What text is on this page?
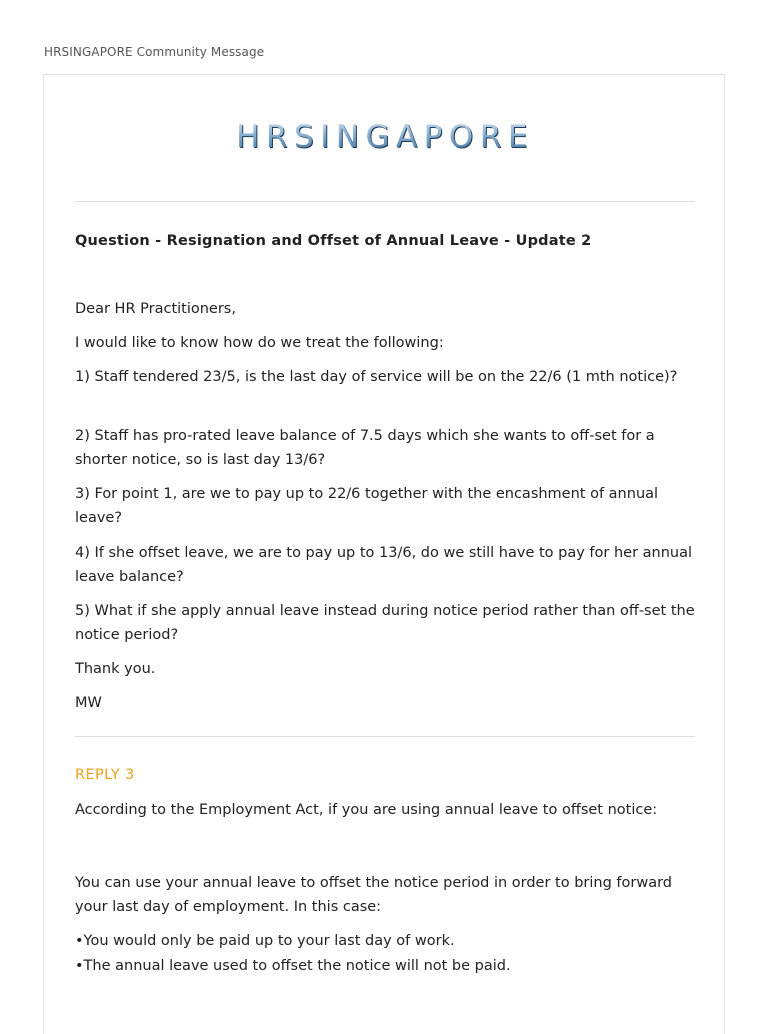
HRSINGAPORE Community Message
HRSINGAPORE
Question - Resignation and Offset of Annual Leave - Update 2
Dear HR Practitioners,
I would like to know how do we treat the following:
1) Staff tendered 23/5, is the last day of service will be on the 22/6 (1 mth notice)?
2) Staff has pro-rated leave balance of 7.5 days which she wants to off-set for a shorter notice, so is last day 13/6?
3) For point 1, are we to pay up to 22/6 together with the encashment of annual leave?
4) If she offset leave, we are to pay up to 13/6, do we still have to pay for her annual leave balance?
5) What if she apply annual leave instead during notice period rather than off-set the notice period?
Thank you.
MW
REPLY 3
According to the Employment Act, if you are using annual leave to offset notice:
You can use your annual leave to offset the notice period in order to bring forward your last day of employment. In this case:
•You would only be paid up to your last day of work.
•The annual leave used to offset the notice will not be paid.
